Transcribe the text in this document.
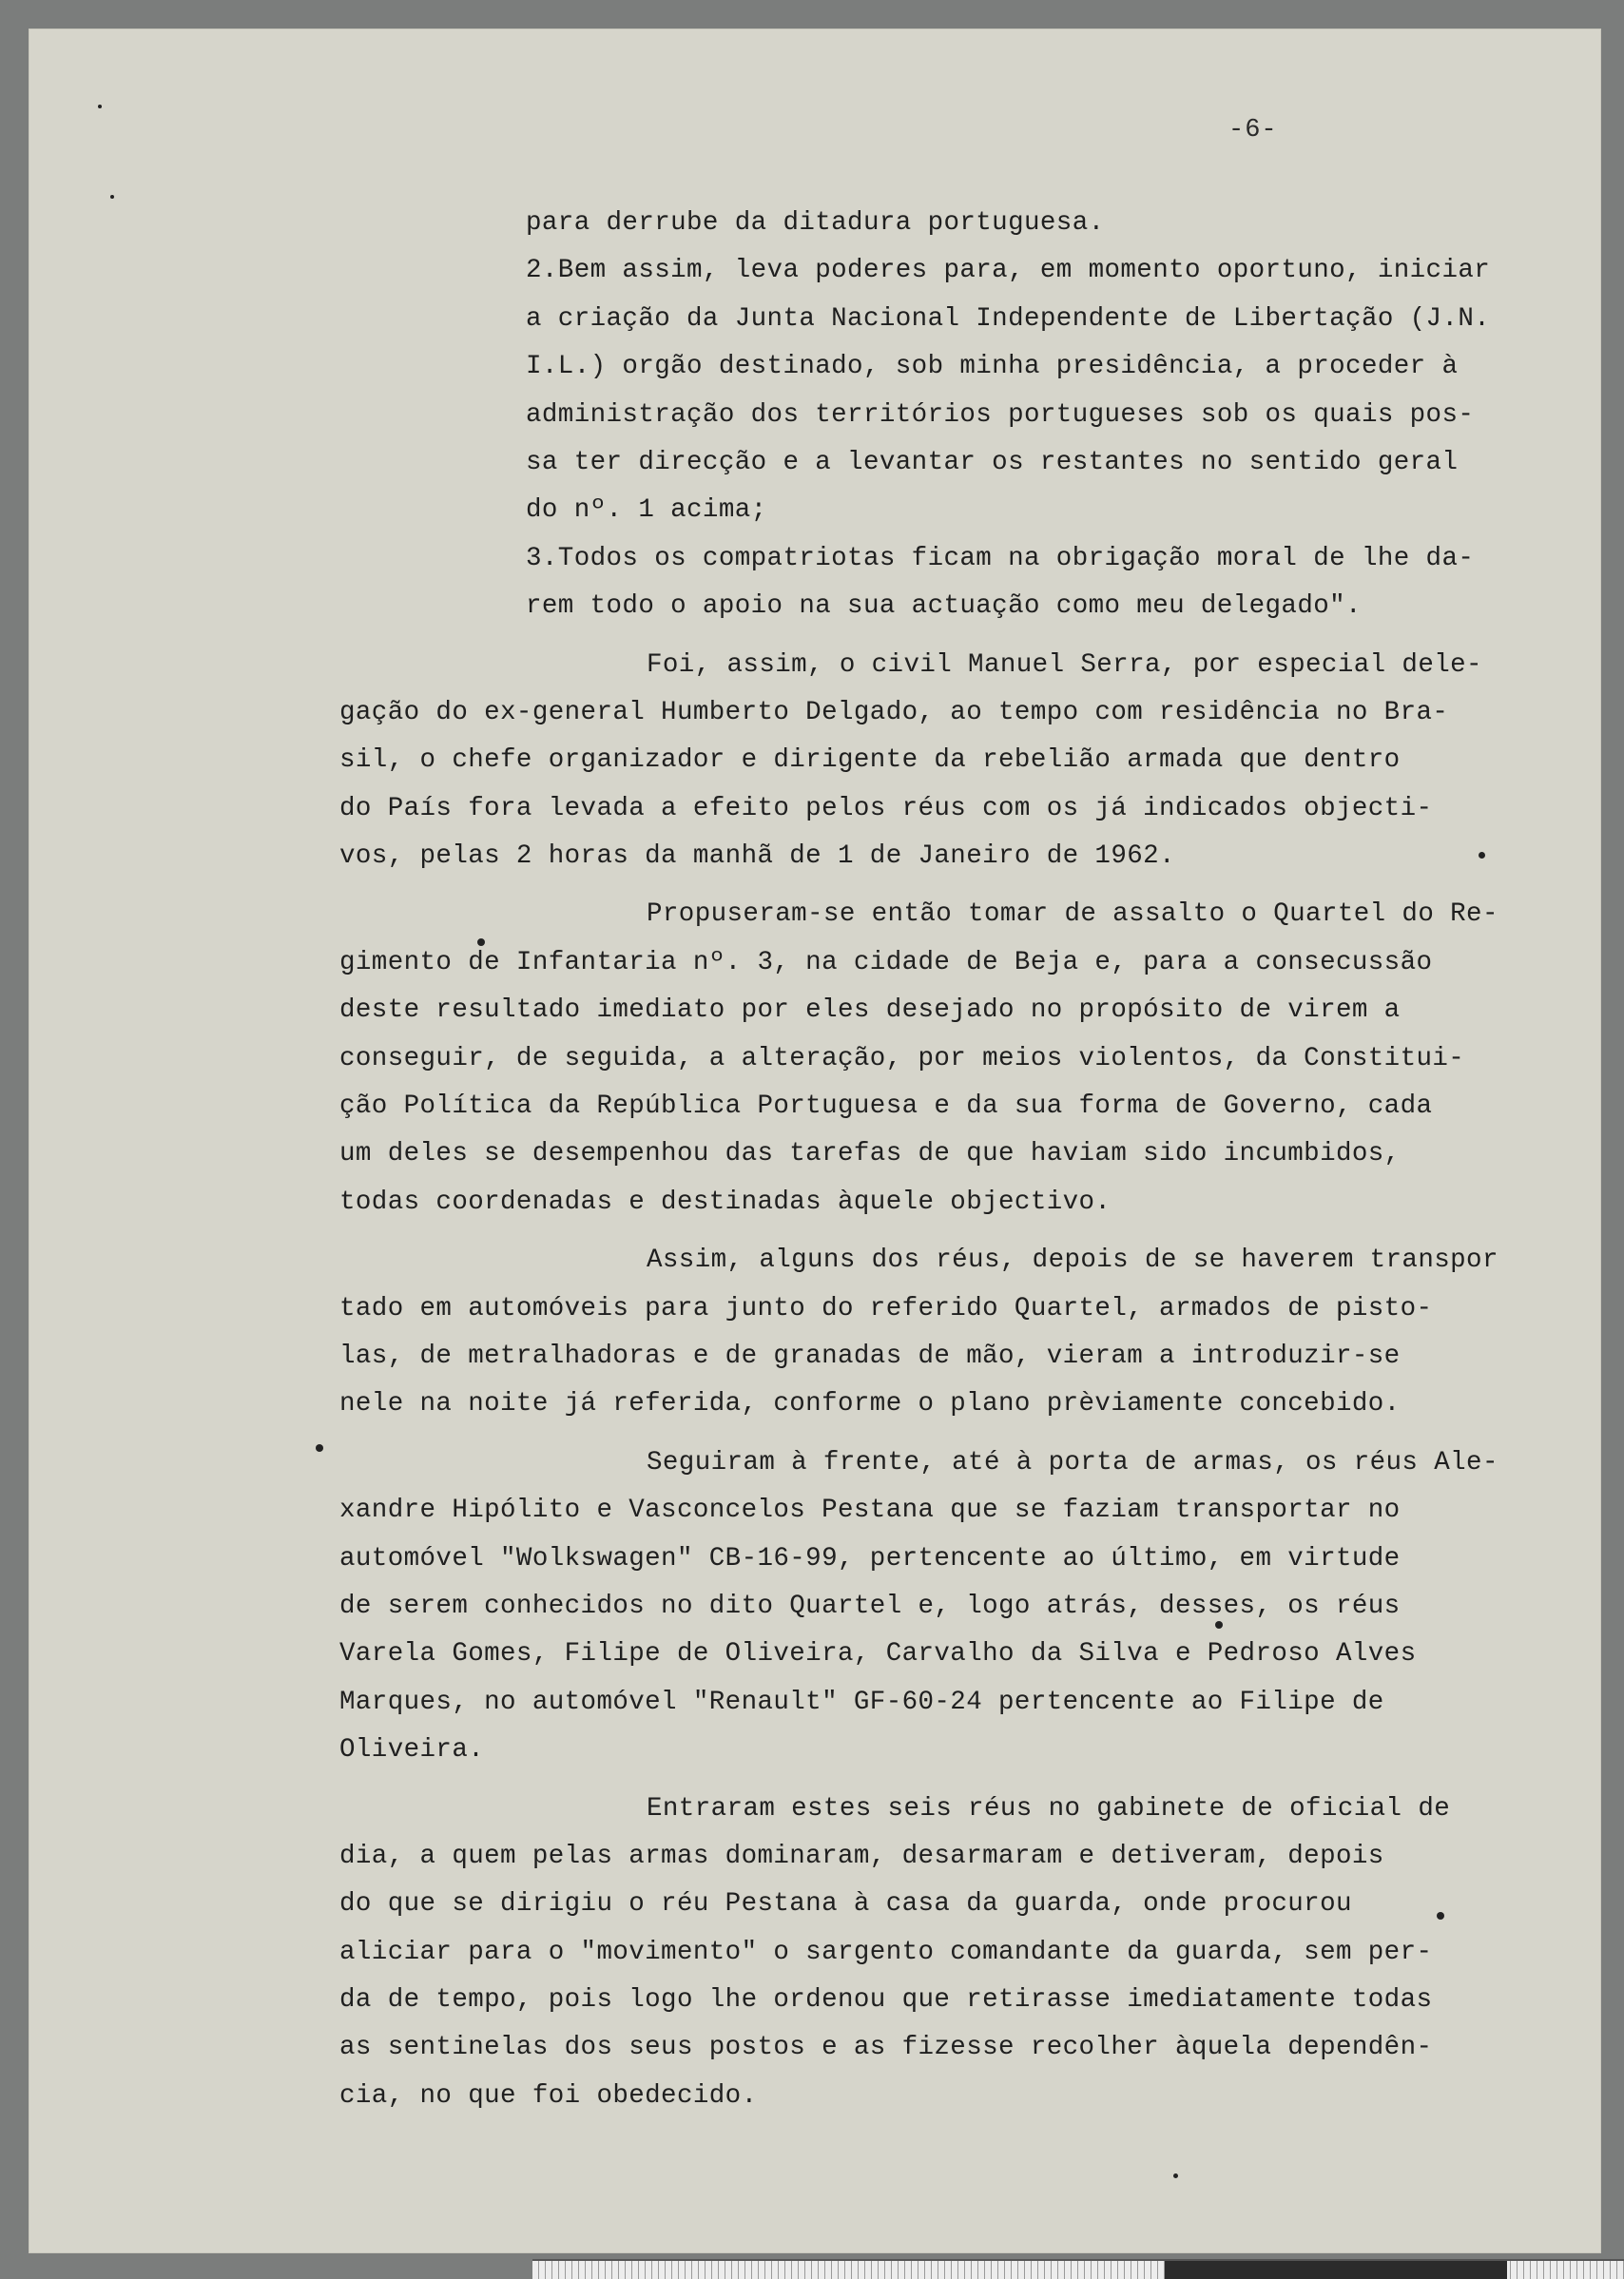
-6-
para derrube da ditadura portuguesa.
2.Bem assim, leva poderes para, em momento oportuno, iniciar
a criação da Junta Nacional Independente de Libertação (J.N.
I.L.) orgão destinado, sob minha presidência, a proceder à
administração dos territórios portugueses sob os quais pos-
sa ter direcção e a levantar os restantes no sentido geral
do nº. 1 acima;
3.Todos os compatriotas ficam na obrigação moral de lhe da-
rem todo o apoio na sua actuação como meu delegado".
Foi, assim, o civil Manuel Serra, por especial dele-
gação do ex-general Humberto Delgado, ao tempo com residência no Bra-
sil, o chefe organizador e dirigente da rebelião armada que dentro
do País fora levada a efeito pelos réus com os já indicados objecti-
vos, pelas 2 horas da manhã de 1 de Janeiro de 1962.
Propuseram-se então tomar de assalto o Quartel do Re-
gimento de Infantaria nº. 3, na cidade de Beja e, para a consecussão
deste resultado imediato por eles desejado no propósito de virem a
conseguir, de seguida, a alteração, por meios violentos, da Constitui-
ção Política da República Portuguesa e da sua forma de Governo, cada
um deles se desempenhou das tarefas de que haviam sido incumbidos,
todas coordenadas e destinadas àquele objectivo.
Assim, alguns dos réus, depois de se haverem transpor
tado em automóveis para junto do referido Quartel, armados de pisto-
las, de metralhadoras e de granadas de mão, vieram a introduzir-se
nele na noite já referida, conforme o plano prèviamente concebido.
Seguiram à frente, até à porta de armas, os réus Ale-
xandre Hipólito e Vasconcelos Pestana que se faziam transportar no
automóvel "Wolkswagen" CB-16-99, pertencente ao último, em virtude
de serem conhecidos no dito Quartel e, logo atrás, desses, os réus
Varela Gomes, Filipe de Oliveira, Carvalho da Silva e Pedroso Alves
Marques, no automóvel "Renault" GF-60-24 pertencente ao Filipe de
Oliveira.
Entraram estes seis réus no gabinete de oficial de
dia, a quem pelas armas dominaram, desarmaram e detiveram, depois
do que se dirigiu o réu Pestana à casa da guarda, onde procurou
aliciar para o "movimento" o sargento comandante da guarda, sem per-
da de tempo, pois logo lhe ordenou que retirasse imediatamente todas
as sentinelas dos seus postos e as fizesse recolher àquela dependên-
cia, no que foi obedecido.
